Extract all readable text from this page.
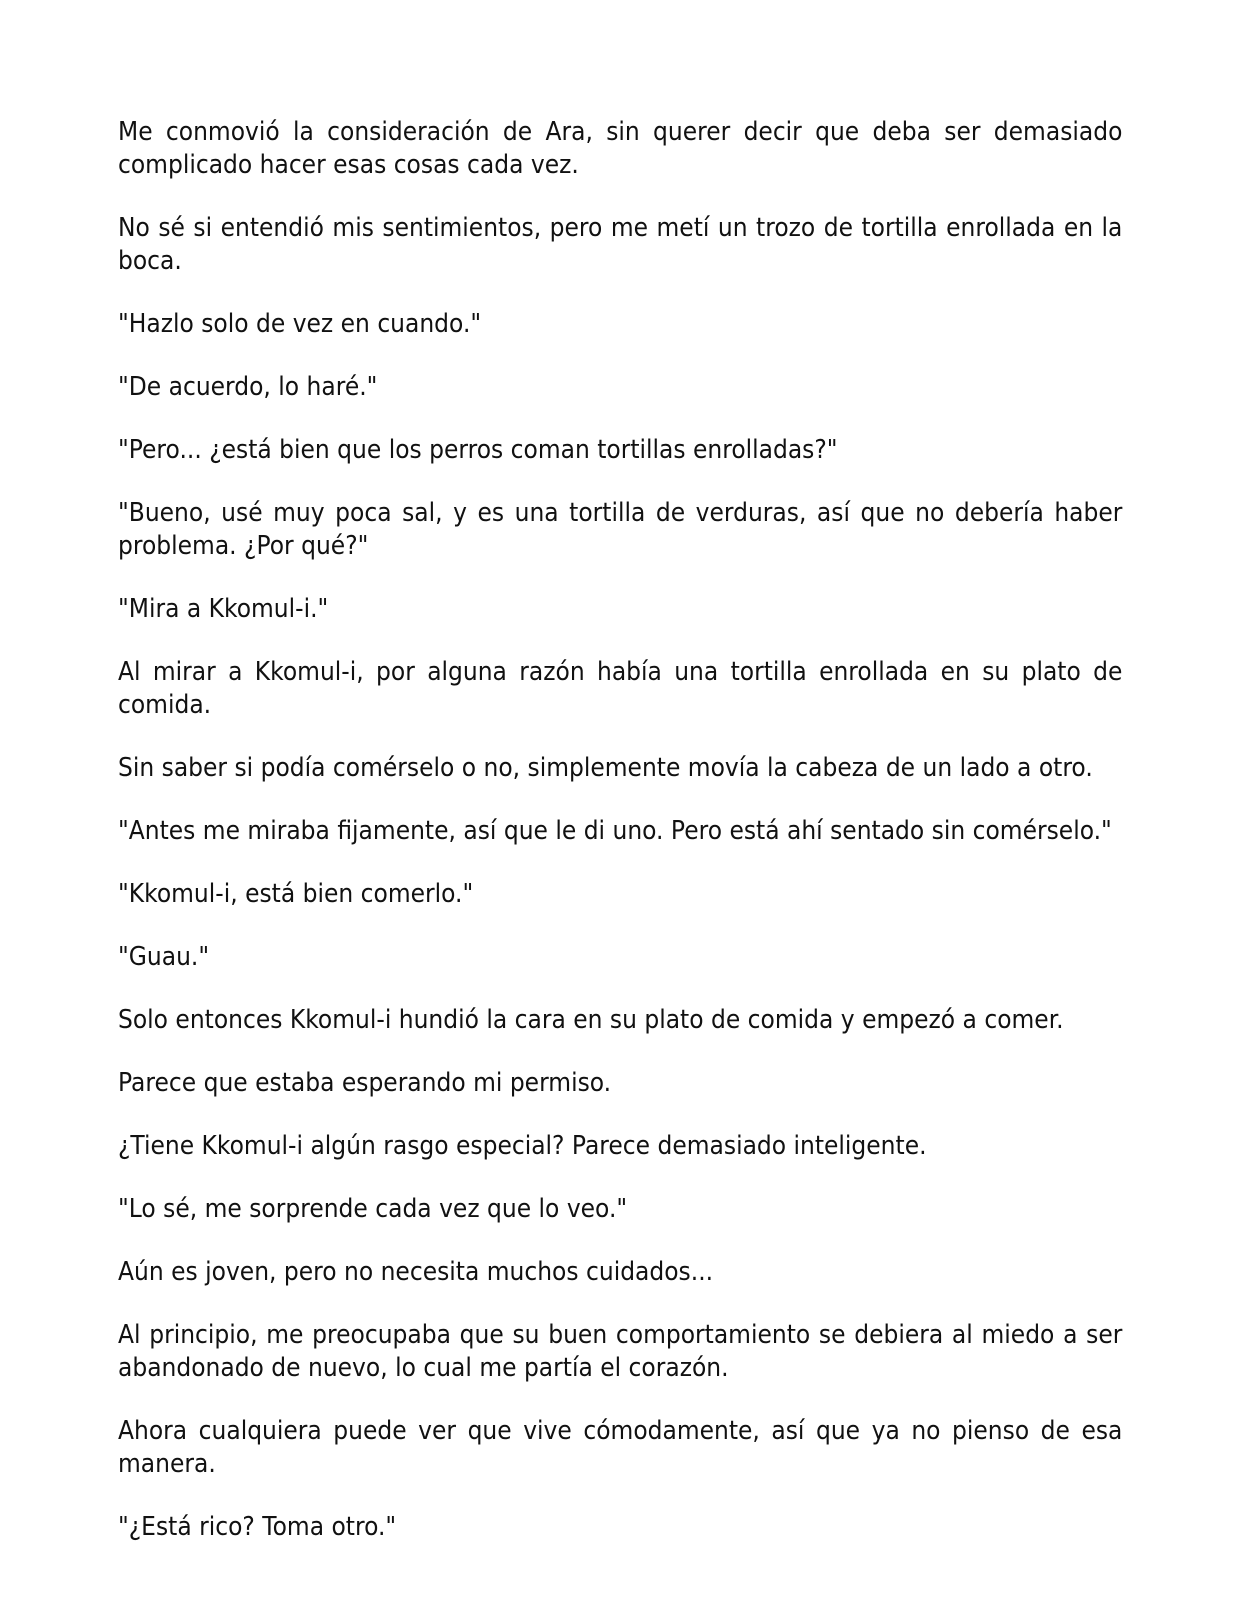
Me conmovió la consideración de Ara, sin querer decir que deba ser demasiado complicado hacer esas cosas cada vez.

No sé si entendió mis sentimientos, pero me metí un trozo de tortilla enrollada en la boca.

"Hazlo solo de vez en cuando."

"De acuerdo, lo haré."

"Pero... ¿está bien que los perros coman tortillas enrolladas?"

"Bueno, usé muy poca sal, y es una tortilla de verduras, así que no debería haber problema. ¿Por qué?"

"Mira a Kkomul-i."

Al mirar a Kkomul-i, por alguna razón había una tortilla enrollada en su plato de comida.

Sin saber si podía comérselo o no, simplemente movía la cabeza de un lado a otro.

"Antes me miraba fijamente, así que le di uno. Pero está ahí sentado sin comérselo."

"Kkomul-i, está bien comerlo."

"Guau."

Solo entonces Kkomul-i hundió la cara en su plato de comida y empezó a comer.

Parece que estaba esperando mi permiso.

¿Tiene Kkomul-i algún rasgo especial? Parece demasiado inteligente.

"Lo sé, me sorprende cada vez que lo veo."

Aún es joven, pero no necesita muchos cuidados...

Al principio, me preocupaba que su buen comportamiento se debiera al miedo a ser abandonado de nuevo, lo cual me partía el corazón.

Ahora cualquiera puede ver que vive cómodamente, así que ya no pienso de esa manera.

"¿Está rico? Toma otro."
